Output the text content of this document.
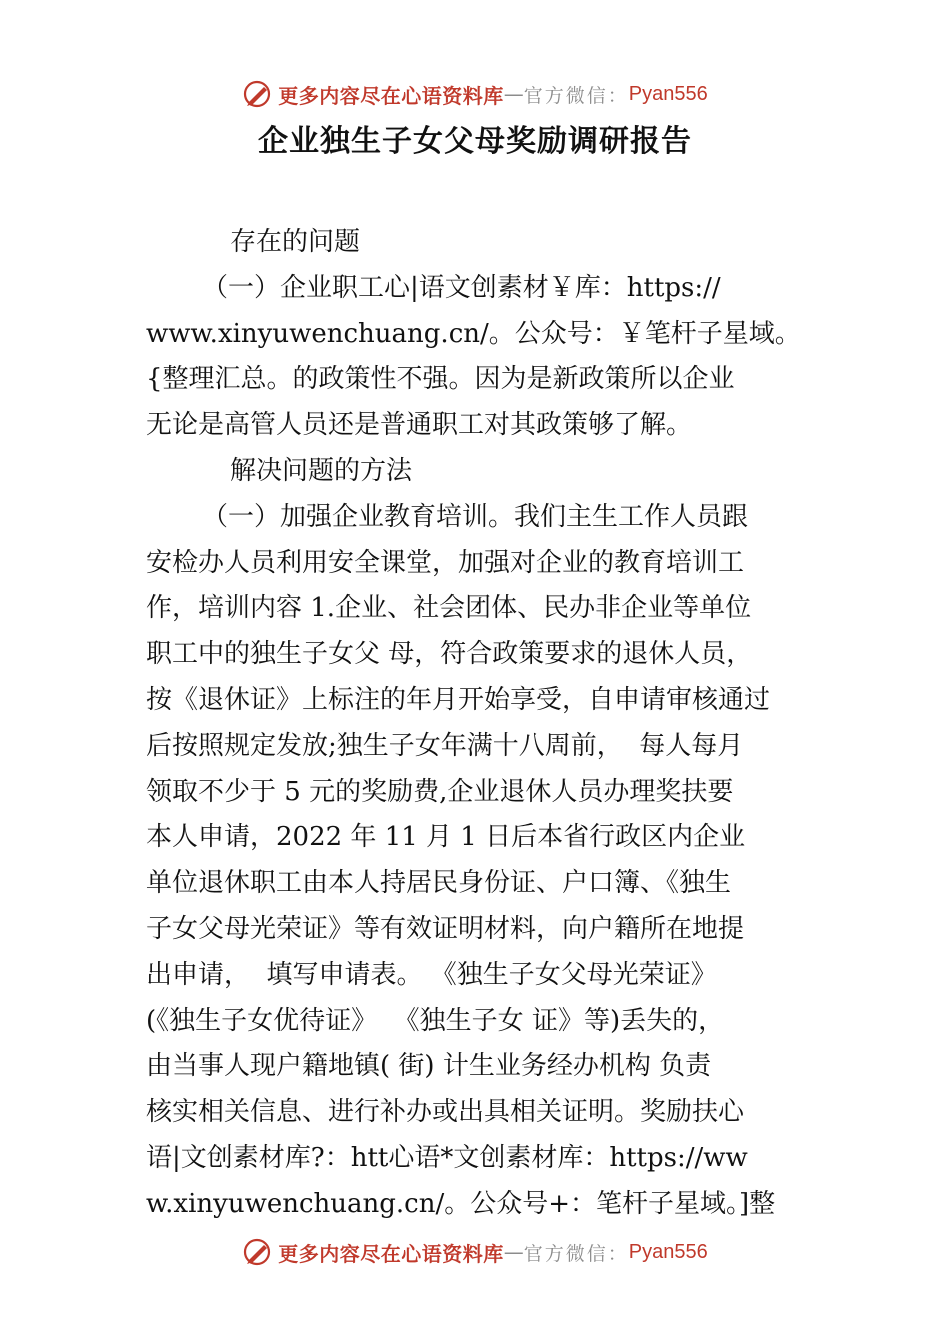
更多内容尽在心语资料库 — 官方微信： Pyan556
企业独生子女父母奖励调研报告
存在的问题
（一）企业职工心|语文创素材￥库：https://
www.xinyuwenchuang.cn/。公众号：￥笔杆子星域。
{整理汇总。的政策性不强。因为是新政策所以企业
无论是高管人员还是普通职工对其政策够了解。
解决问题的方法
（一）加强企业教育培训。我们主生工作人员跟
安检办人员利用安全课堂，加强对企业的教育培训工
作，培训内容 1.企业、社会团体、民办非企业等单位
职工中的独生子女父 母，符合政策要求的退休人员，
按《退休证》上标注的年月开始享受，自申请审核通过
后按照规定发放;独生子女年满十八周前，  每人每月
领取不少于 5 元的奖励费,企业退休人员办理奖扶要
本人申请，2022 年 11 月 1 日后本省行政区内企业
单位退休职工由本人持居民身份证、户口簿、《独生
子女父母光荣证》等有效证明材料，向户籍所在地提
出申请，  填写申请表。 《独生子女父母光荣证》
(《独生子女优待证》  《独生子女 证》等)丢失的，
由当事人现户籍地镇( 街) 计生业务经办机构 负责
核实相关信息、进行补办或出具相关证明。奖励扶心
语|文创素材库?：htt心语*文创素材库：https://ww
w.xinyuwenchuang.cn/。公众号+：笔杆子星域。]整
更多内容尽在心语资料库 — 官方微信： Pyan556
